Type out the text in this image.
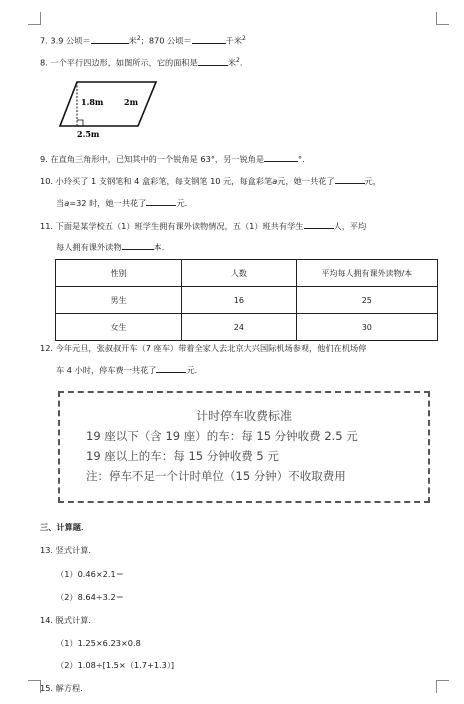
7. 3.9 公顷＝	米$^2$；870 公顷＝	千米$^2$
8. 一个平行四边形，如图所示，它的面积是	米$^2$．
1.8m	2m
2.5m
9. 在直角三角形中，已知其中的一个锐角是 63°，另一锐角是	°．
10. 小玲买了 1 支钢笔和 4 盒彩笔，每支钢笔 10 元，每盒彩笔a元，她一共花了	元，
当a=32 时，她一共花了	元．
11. 下面是某学校五（1）班学生拥有课外读物情况，五（1）班共有学生	人，平均
每人拥有课外读物	本．
性别	人数	平均每人拥有课外读物/本
男生	16	25
女生	24	30
12. 今年元旦，张叔叔开车（7 座车）带着全家人去北京大兴国际机场参观，他们在机场停
车 4 小时，停车费一共花了	元．
计时停车收费标准
19 座以下（含 19 座）的车：每 15 分钟收费 2.5 元
19 座以上的车：每 15 分钟收费 5 元
注：停车不足一个计时单位（15 分钟）不收取费用
三、计算题．
13. 竖式计算．
（1）0.46×2.1＝
（2）8.64÷3.2＝
14. 脱式计算．
（1）1.25×6.23×0.8
（2）1.08÷[1.5×（1.7+1.3）]
15. 解方程．
